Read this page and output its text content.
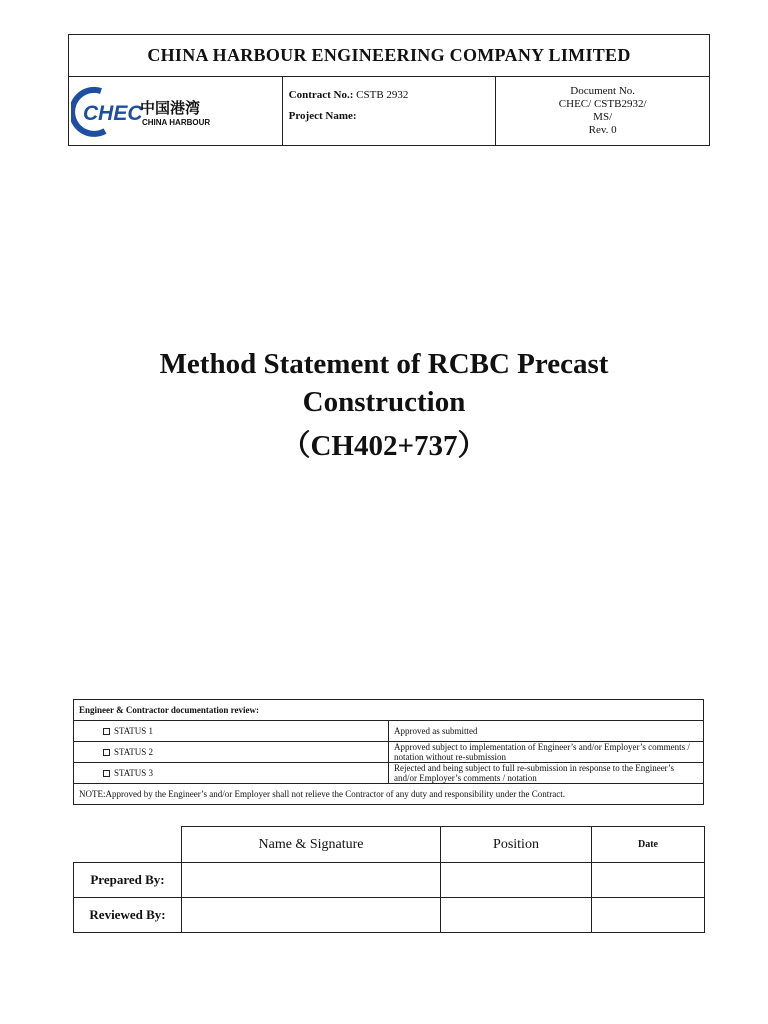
CHINA HARBOUR ENGINEERING COMPANY LIMITED

CHEC
中国港湾
CHINA HARBOUR

Contract No.: CSTB 2932
Project Name:

Document No.
CHEC/ CSTB2932/
MS/
Rev. 0
Method Statement of RCBC Precast
Construction
（CH402+737）
Engineer & Contractor documentation review:	

STATUS 1	Approved as submitted

STATUS 2	Approved subject to implementation of Engineer’s and/or Employer’s comments / notation without re-submission

STATUS 3	Rejected and being subject to full re-submission in response to the Engineer’s and/or Employer’s comments / notation
NOTE:Approved by the Engineer’s and/or Employer shall not relieve the Contractor of any duty and responsibility under the Contract.	
	Name & Signature	Position	Date
Prepared By:			
Reviewed By:			
